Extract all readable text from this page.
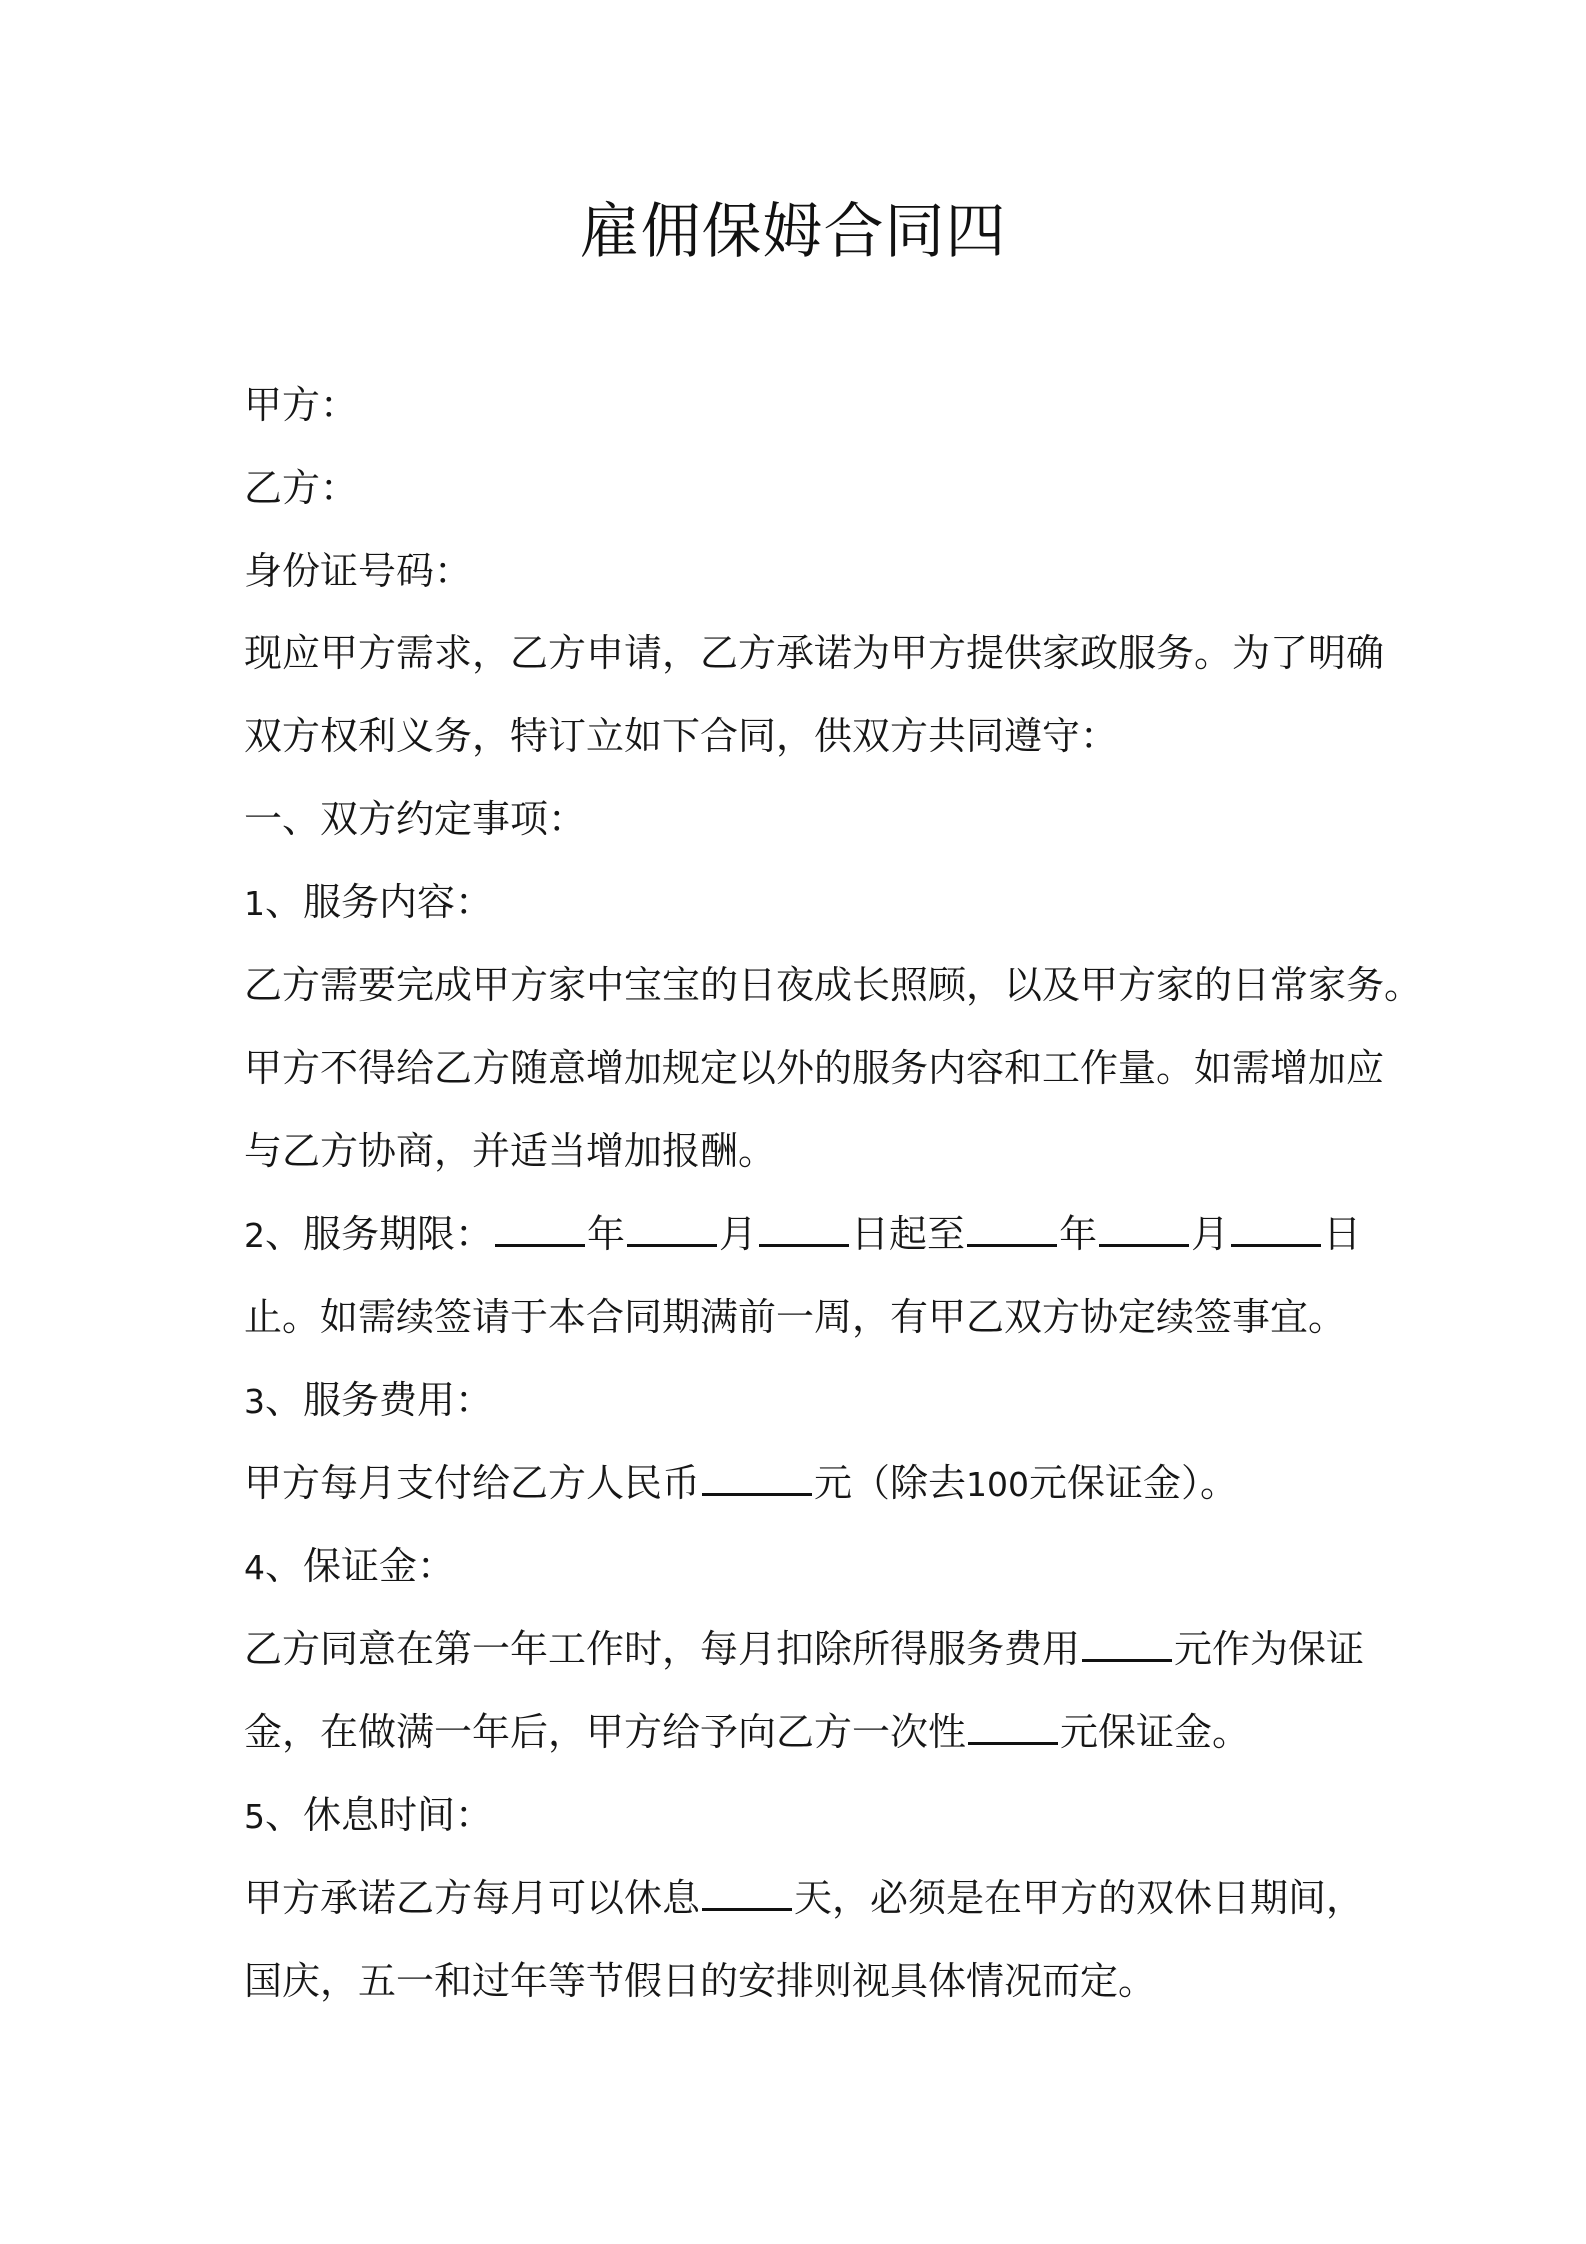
雇佣保姆合同四
甲方：
乙方：
身份证号码：
现应甲方需求，乙方申请，乙方承诺为甲方提供家政服务。为了明确
双方权利义务，特订立如下合同，供双方共同遵守：
一、双方约定事项：
1、服务内容：
乙方需要完成甲方家中宝宝的日夜成长照顾，以及甲方家的日常家务。
甲方不得给乙方随意增加规定以外的服务内容和工作量。如需增加应
与乙方协商，并适当增加报酬。
2、服务期限： 年 月 日起至 年 月 日
止。如需续签请于本合同期满前一周，有甲乙双方协定续签事宜。
3、服务费用：
甲方每月支付给乙方人民币	元（除去100元保证金）。
4、保证金：
乙方同意在第一年工作时，每月扣除所得服务费用 元作为保证
金，在做满一年后，甲方给予向乙方一次性 元保证金。
5、休息时间：
甲方承诺乙方每月可以休息 天，必须是在甲方的双休日期间，
国庆，五一和过年等节假日的安排则视具体情况而定。
